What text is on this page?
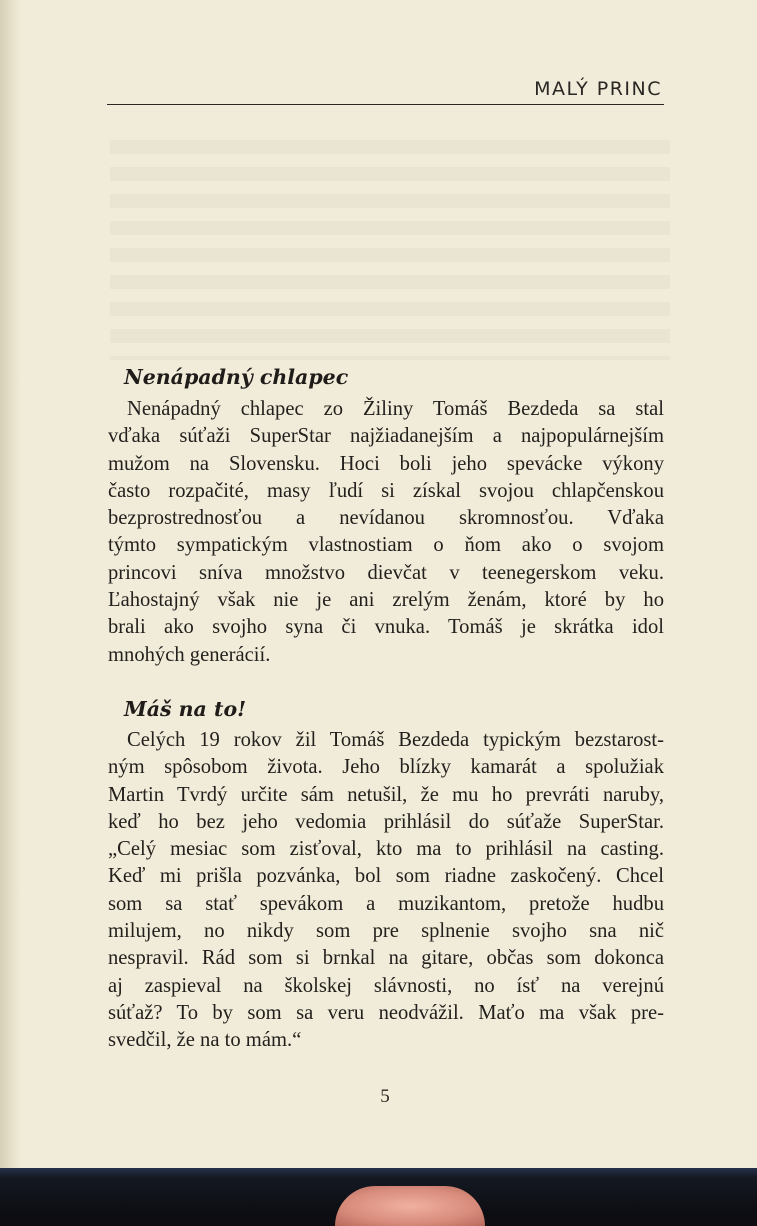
MALÝ PRINC
Nenápadný chlapec
Nenápadný chlapec zo Žiliny Tomáš Bezdeda sa stal
vďaka súťaži SuperStar najžiadanejším a najpopulárnejším
mužom na Slovensku. Hoci boli jeho spevácke výkony
často rozpačité, masy ľudí si získal svojou chlapčenskou
bezprostrednosťou a nevídanou skromnosťou. Vďaka
týmto sympatickým vlastnostiam o ňom ako o svojom
princovi sníva množstvo dievčat v teenegerskom veku.
Ľahostajný však nie je ani zrelým ženám, ktoré by ho
brali ako svojho syna či vnuka. Tomáš je skrátka idol
mnohých generácií.
Máš na to!
Celých 19 rokov žil Tomáš Bezdeda typickým bezstarost-
ným spôsobom života. Jeho blízky kamarát a spolužiak
Martin Tvrdý určite sám netušil, že mu ho prevráti naruby,
keď ho bez jeho vedomia prihlásil do súťaže SuperStar.
„Celý mesiac som zisťoval, kto ma to prihlásil na casting.
Keď mi prišla pozvánka, bol som riadne zaskočený. Chcel
som sa stať spevákom a muzikantom, pretože hudbu
milujem, no nikdy som pre splnenie svojho sna nič
nespravil. Rád som si brnkal na gitare, občas som dokonca
aj zaspieval na školskej slávnosti, no ísť na verejnú
súťaž? To by som sa veru neodvážil. Maťo ma však pre-
svedčil, že na to mám.“
5
